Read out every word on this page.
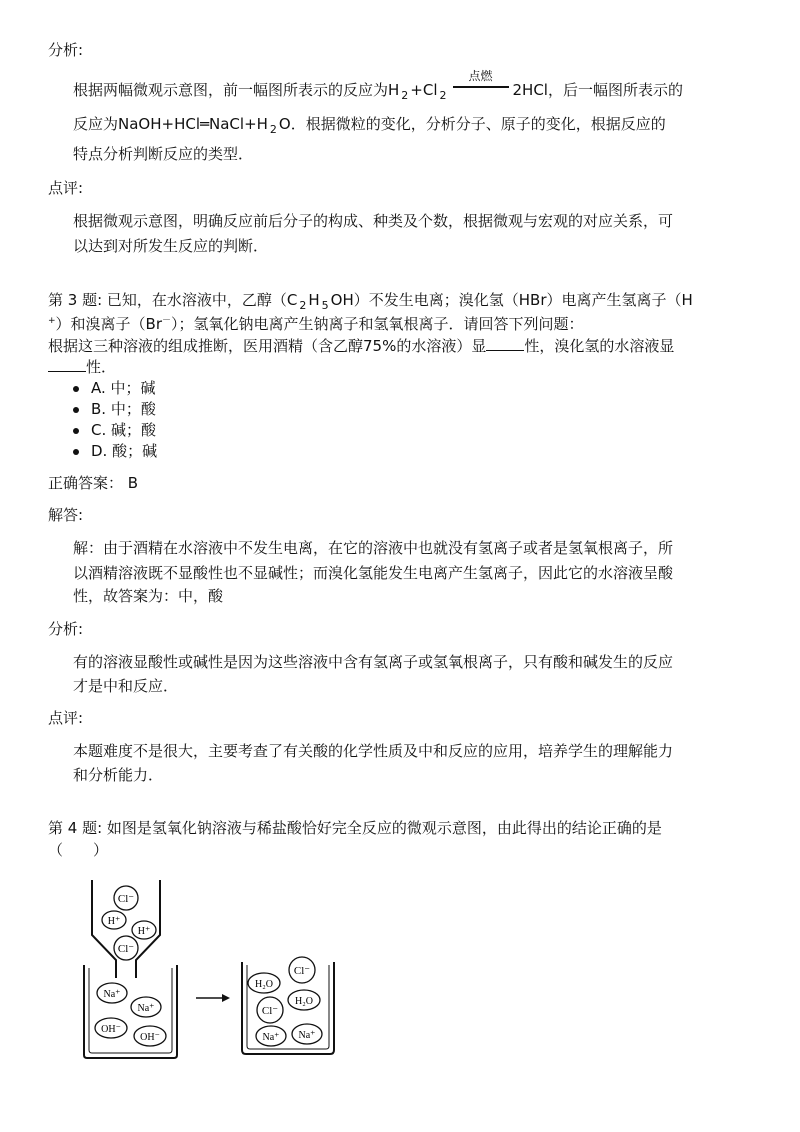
分析:
根据两幅微观示意图，前一幅图所表示的反应为H $_2$ +Cl $_2$
点燃
2HCl，后一幅图所表示的
反应为NaOH+HCl═NaCl+H $_2$ O．根据微粒的变化，分析分子、原子的变化，根据反应的
特点分析判断反应的类型．
点评:
根据微观示意图，明确反应前后分子的构成、种类及个数，根据微观与宏观的对应关系，可
以达到对所发生反应的判断．
第 3 题: 已知，在水溶液中，乙醇（C $_2$ H $_5$ OH）不发生电离；溴化氢（HBr）电离产生氢离子（H
+）和溴离子（Br－）；氢氧化钠电离产生钠离子和氢氧根离子．请回答下列问题：
根据这三种溶液的组成推断，医用酒精（含乙醇75%的水溶液）显	性，溴化氢的水溶液显
性．
A. 中；碱
B. 中；酸
C. 碱；酸
D. 酸；碱
正确答案： B
解答:
解：由于酒精在水溶液中不发生电离，在它的溶液中也就没有氢离子或者是氢氧根离子，所
以酒精溶液既不显酸性也不显碱性；而溴化氢能发生电离产生氢离子，因此它的水溶液呈酸
性，故答案为：中，酸
分析:
有的溶液显酸性或碱性是因为这些溶液中含有氢离子或氢氧根离子，只有酸和碱发生的反应
才是中和反应．
点评:
本题难度不是很大，主要考查了有关酸的化学性质及中和反应的应用，培养学生的理解能力
和分析能力．
第 4 题: 如图是氢氧化钠溶液与稀盐酸恰好完全反应的微观示意图，由此得出的结论正确的是
（　　）
Cl⁻
H⁺
H⁺
Cl⁻
Na⁺
Na⁺
OH⁻
OH⁻
H₂O
Cl⁻
H₂O
Cl⁻
Na⁺ Na⁺
